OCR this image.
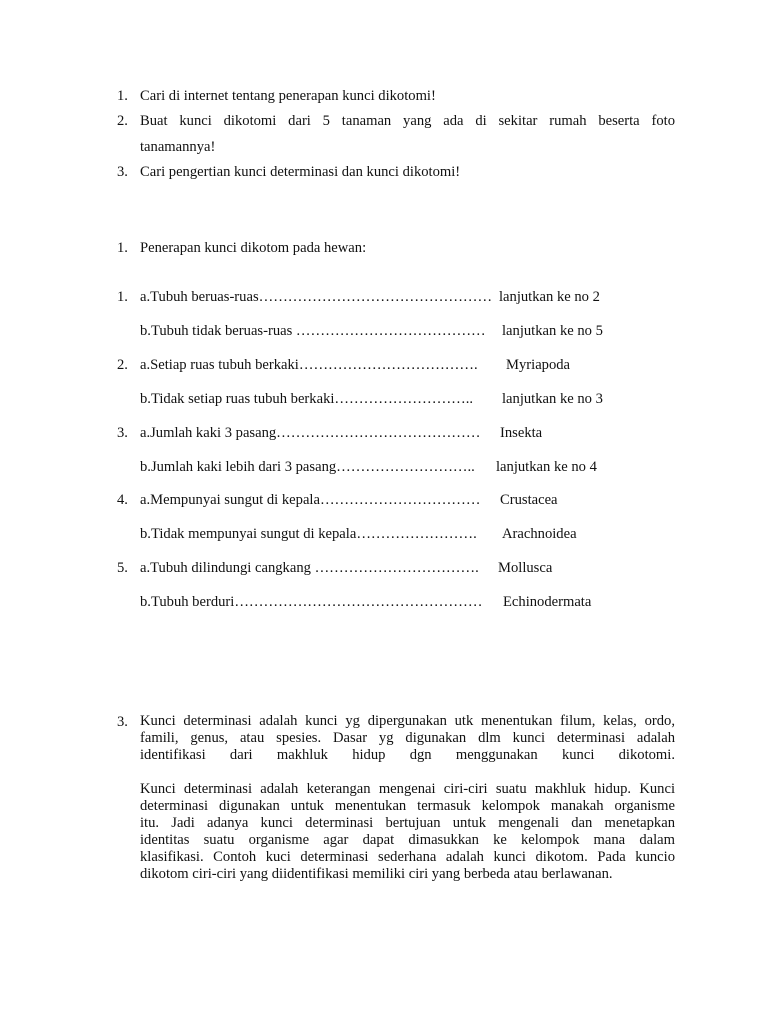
1. Cari di internet tentang penerapan kunci dikotomi!
2. Buat kunci dikotomi dari 5 tanaman yang ada di sekitar rumah beserta foto
tanamannya!
3. Cari pengertian kunci determinasi dan kunci dikotomi!
1. Penerapan kunci dikotom pada hewan:
1. a.Tubuh beruas-ruas………………………………………… lanjutkan ke no 2
b.Tubuh tidak beruas-ruas …………………………………	lanjutkan ke no 5
2. a.Setiap ruas tubuh berkaki……………………………….	Myriapoda
b.Tidak setiap ruas tubuh berkaki………………………..	lanjutkan ke no 3
3. a.Jumlah kaki 3 pasang……………………………………	Insekta
b.Jumlah kaki lebih dari 3 pasang………………………..	lanjutkan ke no 4
4. a.Mempunyai sungut di kepala……………………………	Crustacea
b.Tidak mempunyai sungut di kepala…………………….	Arachnoidea
5. a.Tubuh dilindungi cangkang …………………………….	Mollusca
b.Tubuh berduri……………………………………………	Echinodermata
3. Kunci determinasi adalah kunci yg dipergunakan utk menentukan filum, kelas, ordo,
famili, genus, atau spesies. Dasar yg digunakan dlm kunci determinasi adalah
identifikasi dari makhluk hidup dgn menggunakan kunci dikotomi.
Kunci determinasi adalah keterangan mengenai ciri-ciri suatu makhluk hidup. Kunci
determinasi digunakan untuk menentukan termasuk kelompok manakah organisme
itu. Jadi adanya kunci determinasi bertujuan untuk mengenali dan menetapkan
identitas suatu organisme agar dapat dimasukkan ke kelompok mana dalam
klasifikasi. Contoh kuci determinasi sederhana adalah kunci dikotom. Pada kuncio
dikotom ciri-ciri yang diidentifikasi memiliki ciri yang berbeda atau berlawanan.
